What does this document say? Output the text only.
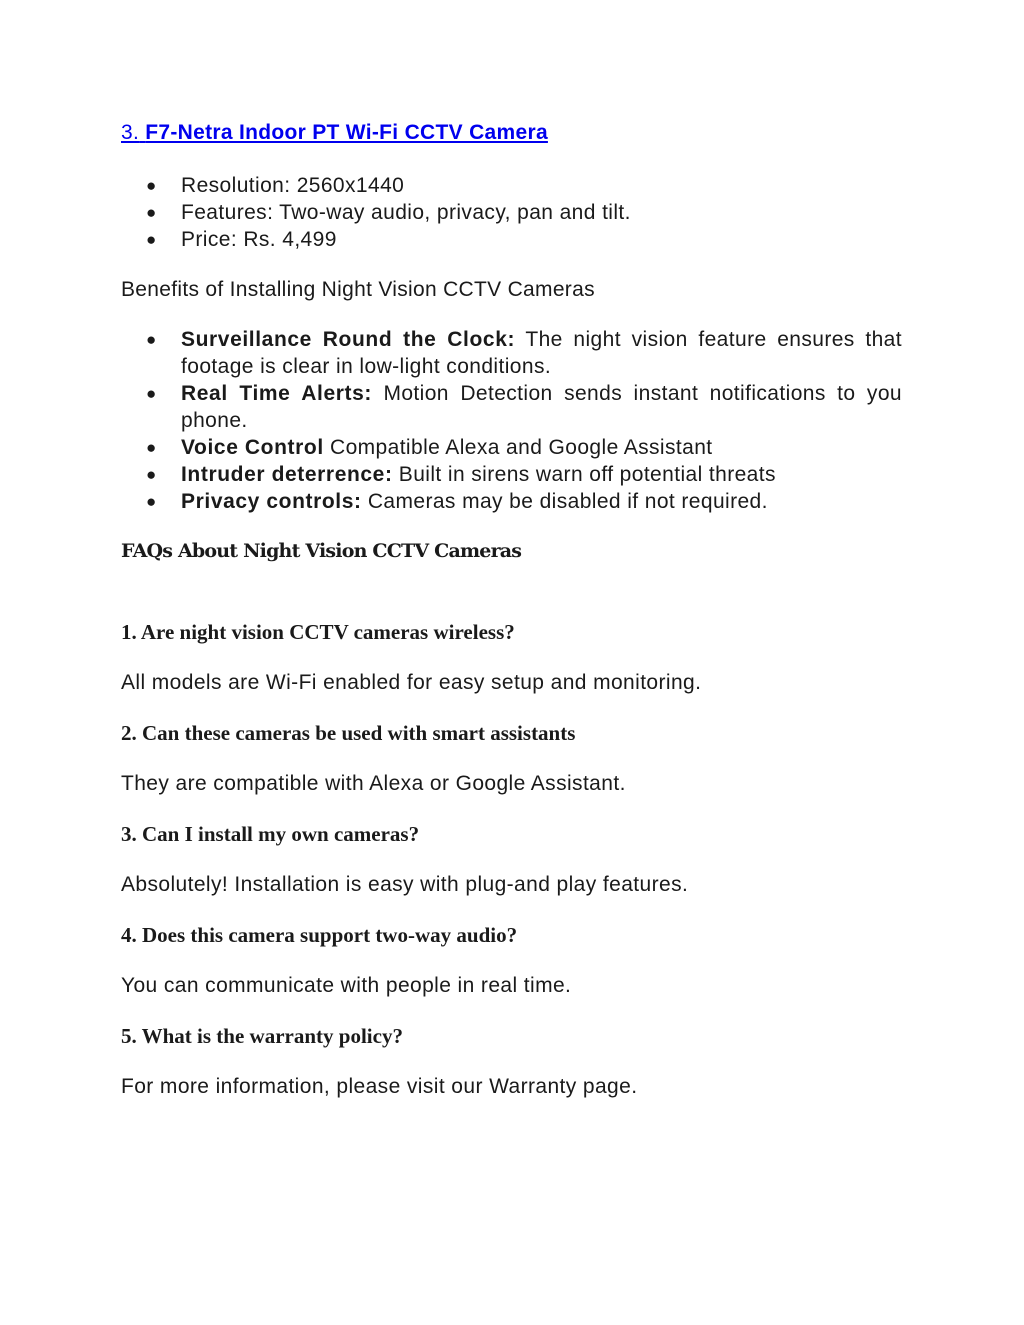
3. F7-Netra Indoor PT Wi-Fi CCTV Camera

● Resolution: 2560x1440
● Features: Two-way audio, privacy, pan and tilt.
● Price: Rs. 4,499

Benefits of Installing Night Vision CCTV Cameras

● Surveillance Round the Clock: The night vision feature ensures that footage is clear in low-light conditions.
● Real Time Alerts: Motion Detection sends instant notifications to you phone.
● Voice Control Compatible Alexa and Google Assistant
● Intruder deterrence: Built in sirens warn off potential threats
● Privacy controls: Cameras may be disabled if not required.

FAQs About Night Vision CCTV Cameras

1. Are night vision CCTV cameras wireless?

All models are Wi-Fi enabled for easy setup and monitoring.

2. Can these cameras be used with smart assistants

They are compatible with Alexa or Google Assistant.

3. Can I install my own cameras?

Absolutely! Installation is easy with plug-and play features.

4. Does this camera support two-way audio?

You can communicate with people in real time.

5. What is the warranty policy?

For more information, please visit our Warranty page.
